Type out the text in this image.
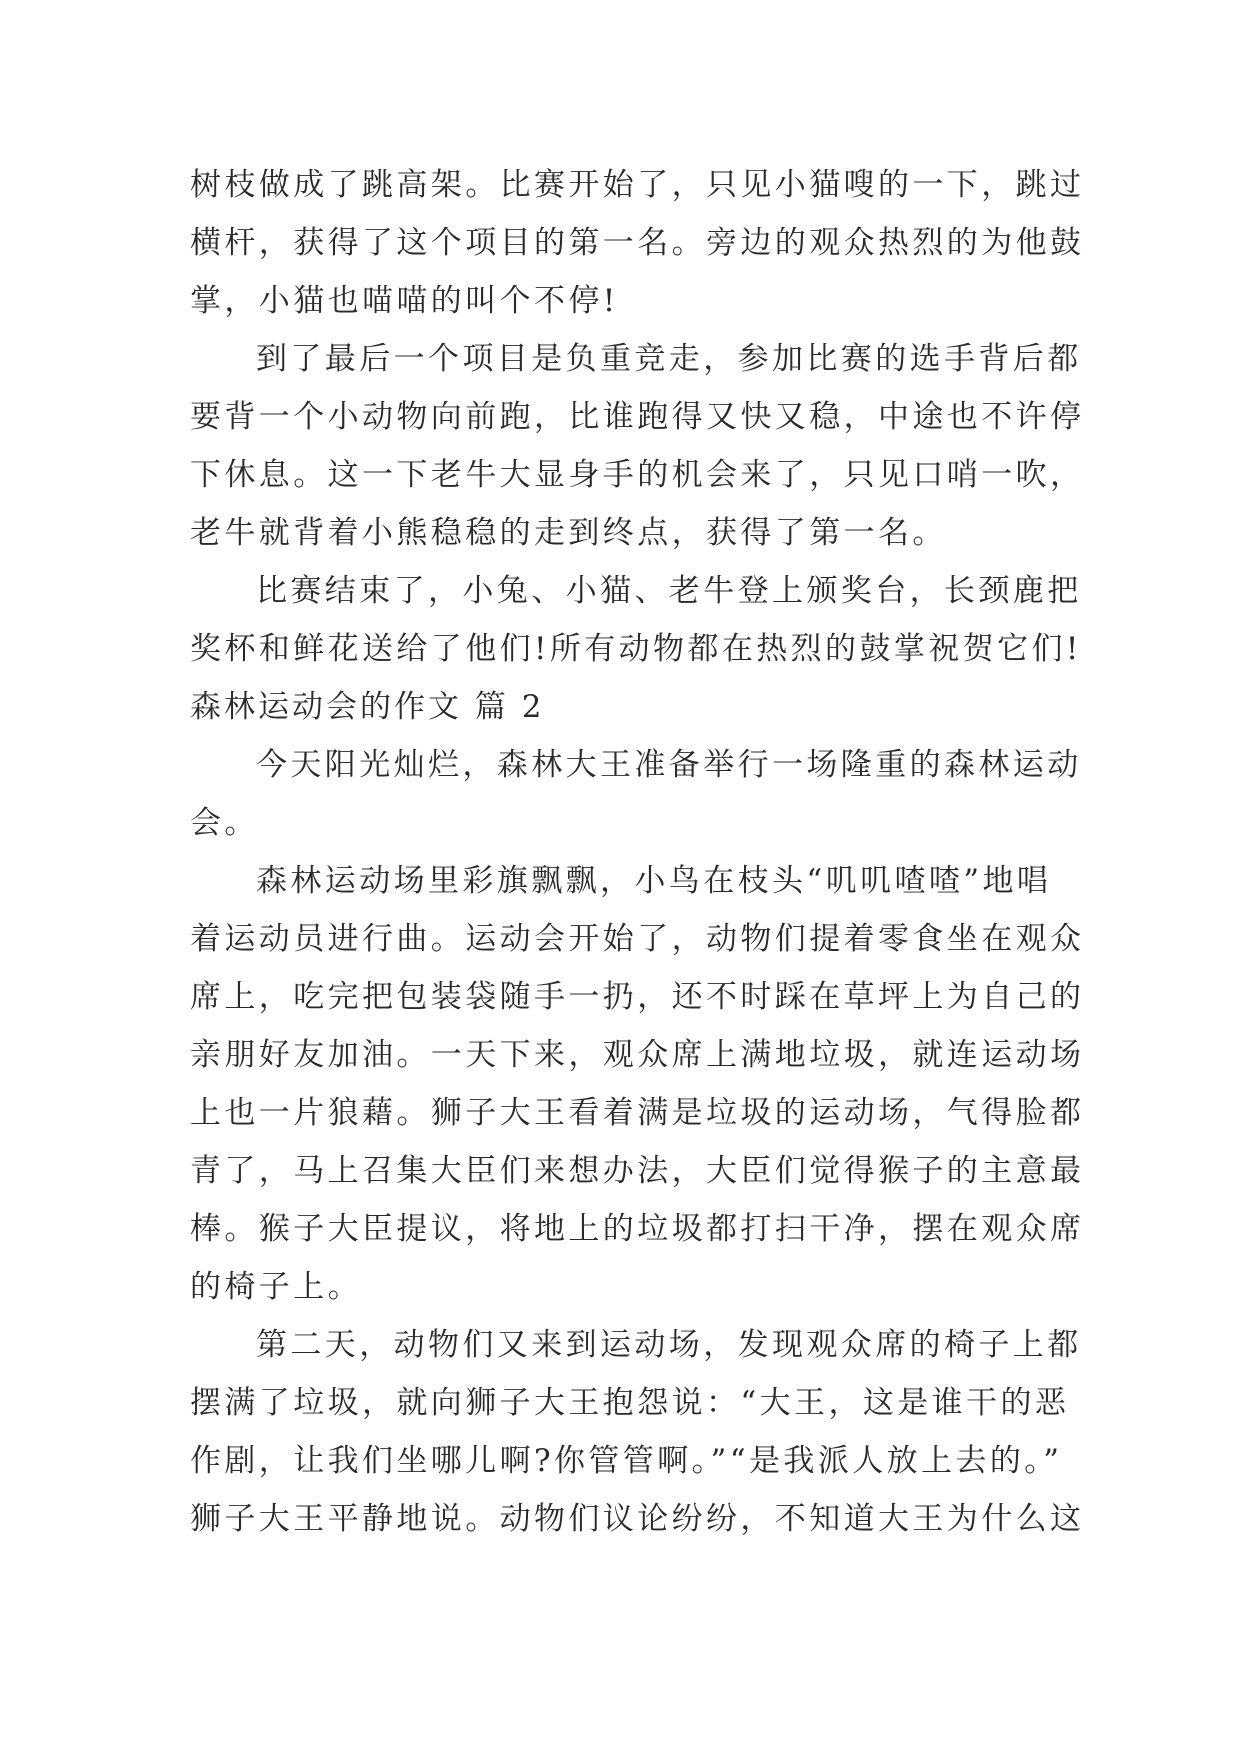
树枝做成了跳高架。比赛开始了，只见小猫嗖的一下，跳过
横杆，获得了这个项目的第一名。旁边的观众热烈的为他鼓
掌，小猫也喵喵的叫个不停!
到了最后一个项目是负重竞走，参加比赛的选手背后都
要背一个小动物向前跑，比谁跑得又快又稳，中途也不许停
下休息。这一下老牛大显身手的机会来了，只见口哨一吹，
老牛就背着小熊稳稳的走到终点，获得了第一名。
比赛结束了，小兔、小猫、老牛登上颁奖台，长颈鹿把
奖杯和鲜花送给了他们!所有动物都在热烈的鼓掌祝贺它们!
森林运动会的作文 篇 2
今天阳光灿烂，森林大王准备举行一场隆重的森林运动
会。
森林运动场里彩旗飘飘，小鸟在枝头“叽叽喳喳”地唱
着运动员进行曲。运动会开始了，动物们提着零食坐在观众
席上，吃完把包装袋随手一扔，还不时踩在草坪上为自己的
亲朋好友加油。一天下来，观众席上满地垃圾，就连运动场
上也一片狼藉。狮子大王看着满是垃圾的运动场，气得脸都
青了，马上召集大臣们来想办法，大臣们觉得猴子的主意最
棒。猴子大臣提议，将地上的垃圾都打扫干净，摆在观众席
的椅子上。
第二天，动物们又来到运动场，发现观众席的椅子上都
摆满了垃圾，就向狮子大王抱怨说：“大王，这是谁干的恶
作剧，让我们坐哪儿啊?你管管啊。”“是我派人放上去的。”
狮子大王平静地说。动物们议论纷纷，不知道大王为什么这
